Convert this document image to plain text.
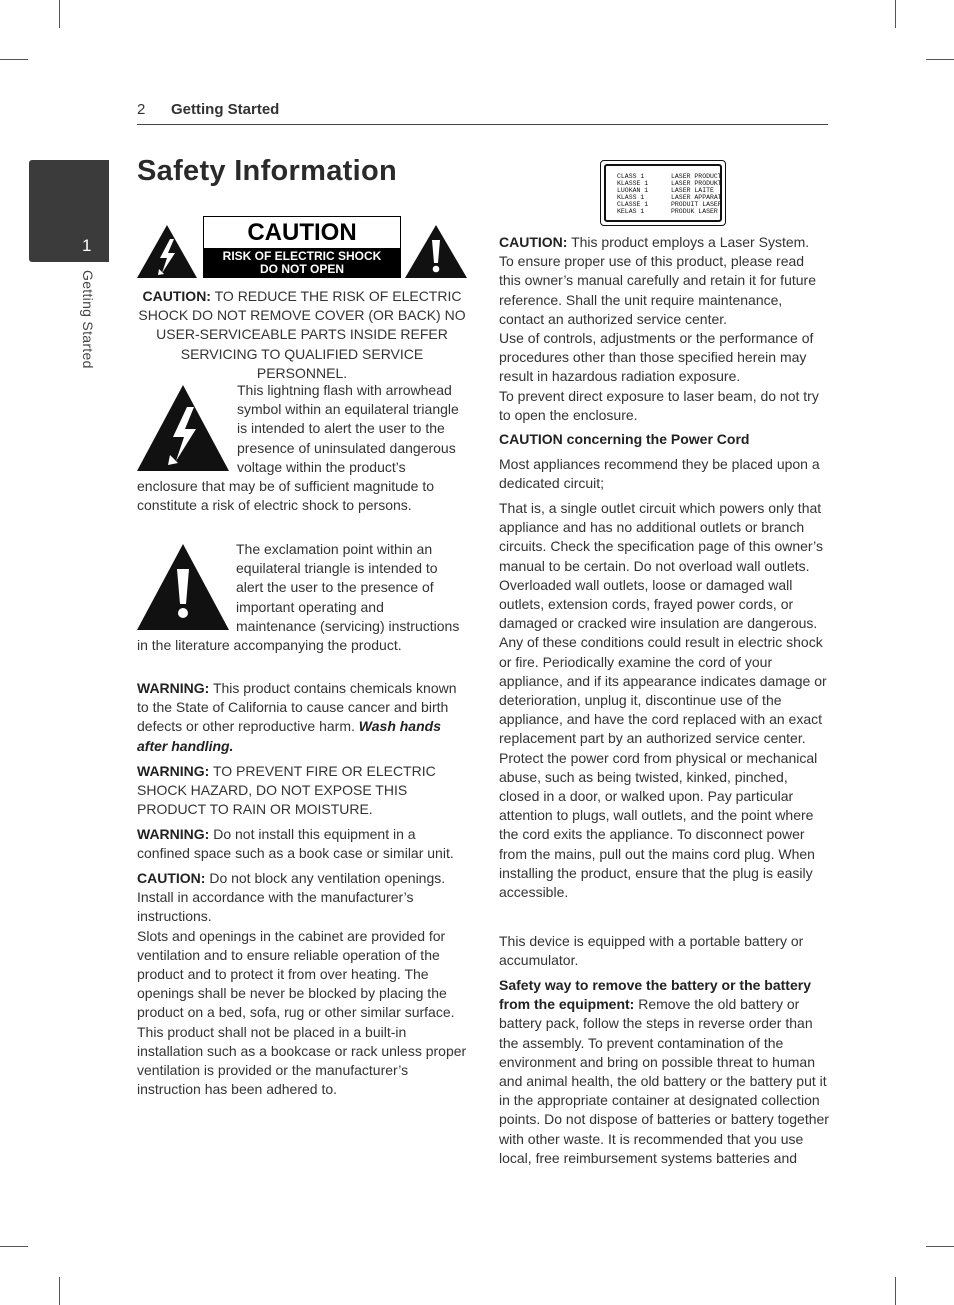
2 Getting Started
1
Getting Started
Safety Information
CAUTION
RISK OF ELECTRIC SHOCK
DO NOT OPEN
CAUTION: TO REDUCE THE RISK OF ELECTRIC SHOCK DO NOT REMOVE COVER (OR BACK) NO USER-SERVICEABLE PARTS INSIDE REFER SERVICING TO QUALIFIED SERVICE PERSONNEL.
This lightning flash with arrowhead symbol within an equilateral triangle is intended to alert the user to the presence of uninsulated dangerous voltage within the product’s enclosure that may be of sufficient magnitude to constitute a risk of electric shock to persons.
The exclamation point within an equilateral triangle is intended to alert the user to the presence of important operating and maintenance (servicing) instructions in the literature accompanying the product.
WARNING: This product contains chemicals known to the State of California to cause cancer and birth defects or other reproductive harm. Wash hands after handling.
WARNING: TO PREVENT FIRE OR ELECTRIC SHOCK HAZARD, DO NOT EXPOSE THIS PRODUCT TO RAIN OR MOISTURE.
WARNING: Do not install this equipment in a confined space such as a book case or similar unit.

CAUTION: Do not block any ventilation openings. Install in accordance with the manufacturer’s instructions.

Slots and openings in the cabinet are provided for ventilation and to ensure reliable operation of the product and to protect it from over heating. The openings shall be never be blocked by placing the product on a bed, sofa, rug or other similar surface. This product shall not be placed in a built-in installation such as a bookcase or rack unless proper ventilation is provided or the manufacturer’s instruction has been adhered to.

CLASS 1	LASER PRODUCT
KLASSE 1	LASER PRODUKT
LUOKAN 1	LASER LAITE
KLASS 1	LASER APPARAT
CLASSE 1	PRODUIT LASER
KELAS 1	PRODUK LASER

CAUTION: This product employs a Laser System.

To ensure proper use of this product, please read this owner’s manual carefully and retain it for future reference. Shall the unit require maintenance, contact an authorized service center.

Use of controls, adjustments or the performance of procedures other than those specified herein may result in hazardous radiation exposure.

To prevent direct exposure to laser beam, do not try to open the enclosure.

CAUTION concerning the Power Cord
Most appliances recommend they be placed upon a dedicated circuit;
That is, a single outlet circuit which powers only that appliance and has no additional outlets or branch circuits. Check the specification page of this owner’s manual to be certain. Do not overload wall outlets. Overloaded wall outlets, loose or damaged wall outlets, extension cords, frayed power cords, or damaged or cracked wire insulation are dangerous. Any of these conditions could result in electric shock or fire. Periodically examine the cord of your appliance, and if its appearance indicates damage or deterioration, unplug it, discontinue use of the appliance, and have the cord replaced with an exact replacement part by an authorized service center. Protect the power cord from physical or mechanical abuse, such as being twisted, kinked, pinched, closed in a door, or walked upon. Pay particular attention to plugs, wall outlets, and the point where the cord exits the appliance. To disconnect power from the mains, pull out the mains cord plug. When installing the product, ensure that the plug is easily accessible.
This device is equipped with a portable battery or accumulator.
Safety way to remove the battery or the battery from the equipment: Remove the old battery or battery pack, follow the steps in reverse order than the assembly. To prevent contamination of the environment and bring on possible threat to human and animal health, the old battery or the battery put it in the appropriate container at designated collection points. Do not dispose of batteries or battery together with other waste. It is recommended that you use local, free reimbursement systems batteries and
